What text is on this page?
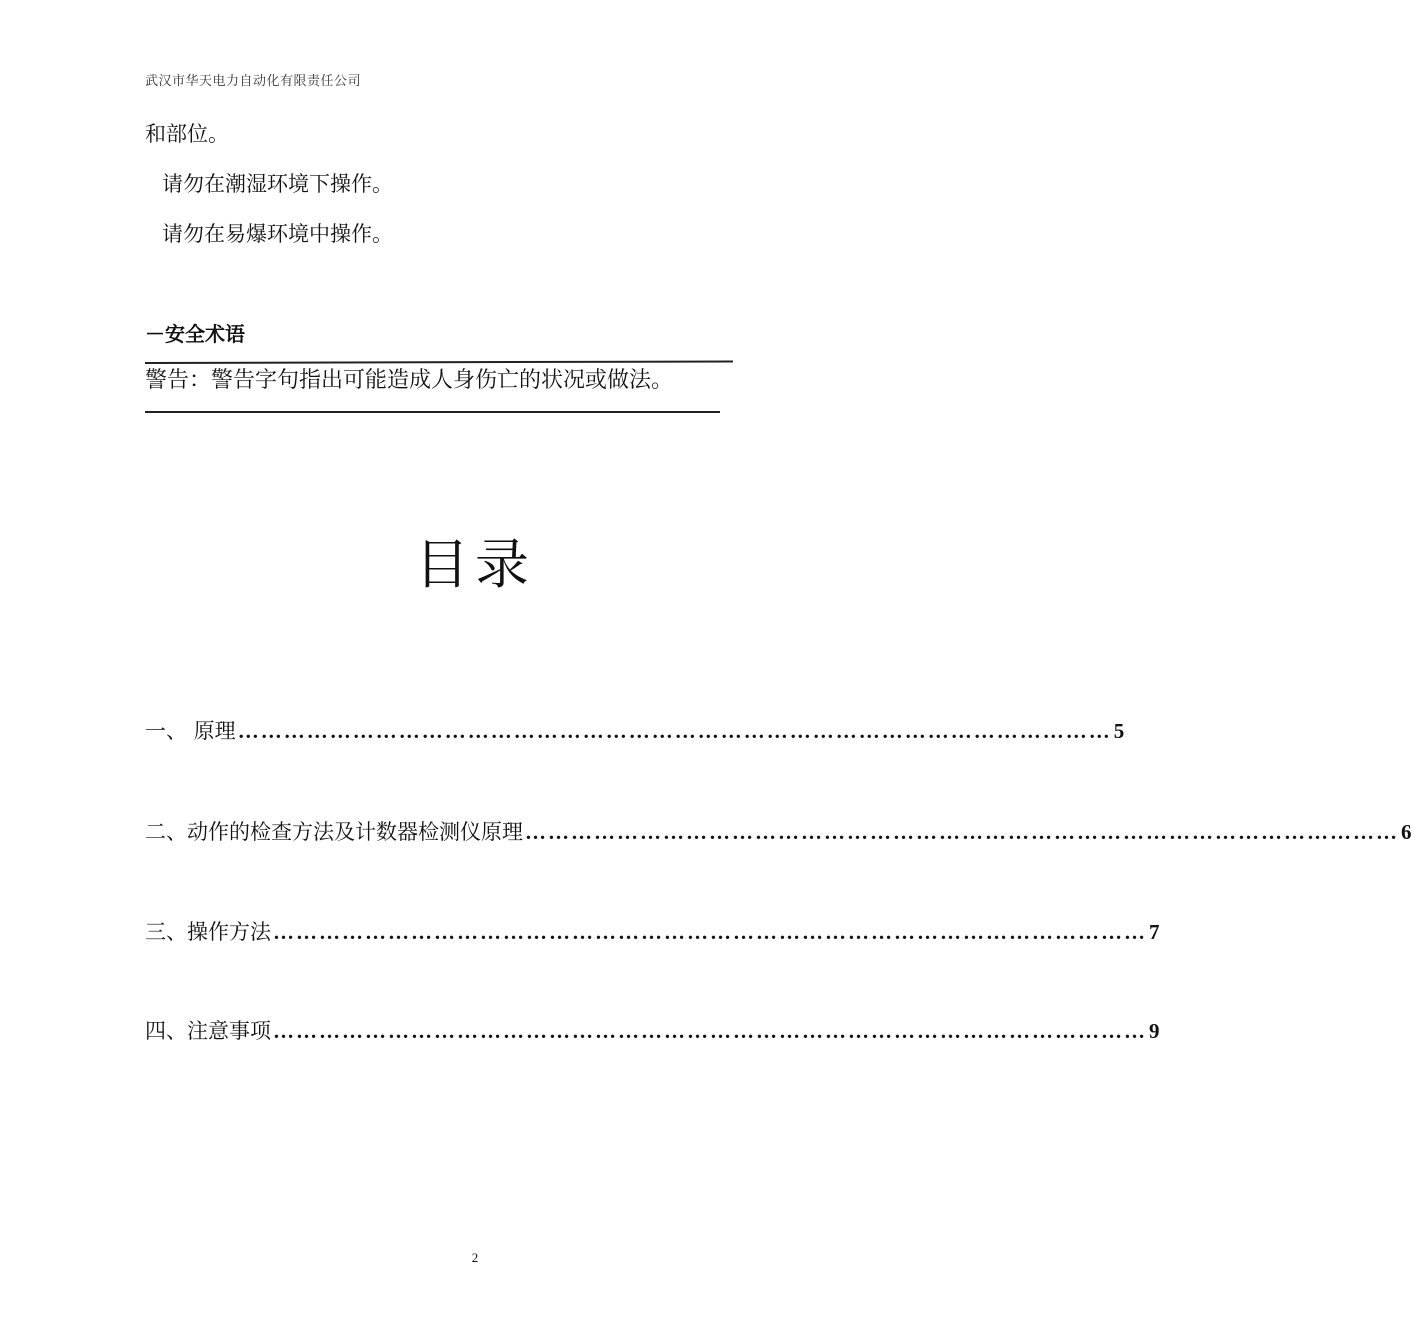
武汉市华天电力自动化有限责任公司
和部位。
请勿在潮湿环境下操作。
请勿在易爆环境中操作。
－安全术语
警告：警告字句指出可能造成人身伤亡的状况或做法。
目录
一、 原理 …………………………………………………………………………………………………… 5
二、动作的检查方法及计数器检测仪原理 …………………………………………………………………………………………………… 6
三、操作方法 …………………………………………………………………………………………………… 7
四、注意事项 …………………………………………………………………………………………………… 9
2
